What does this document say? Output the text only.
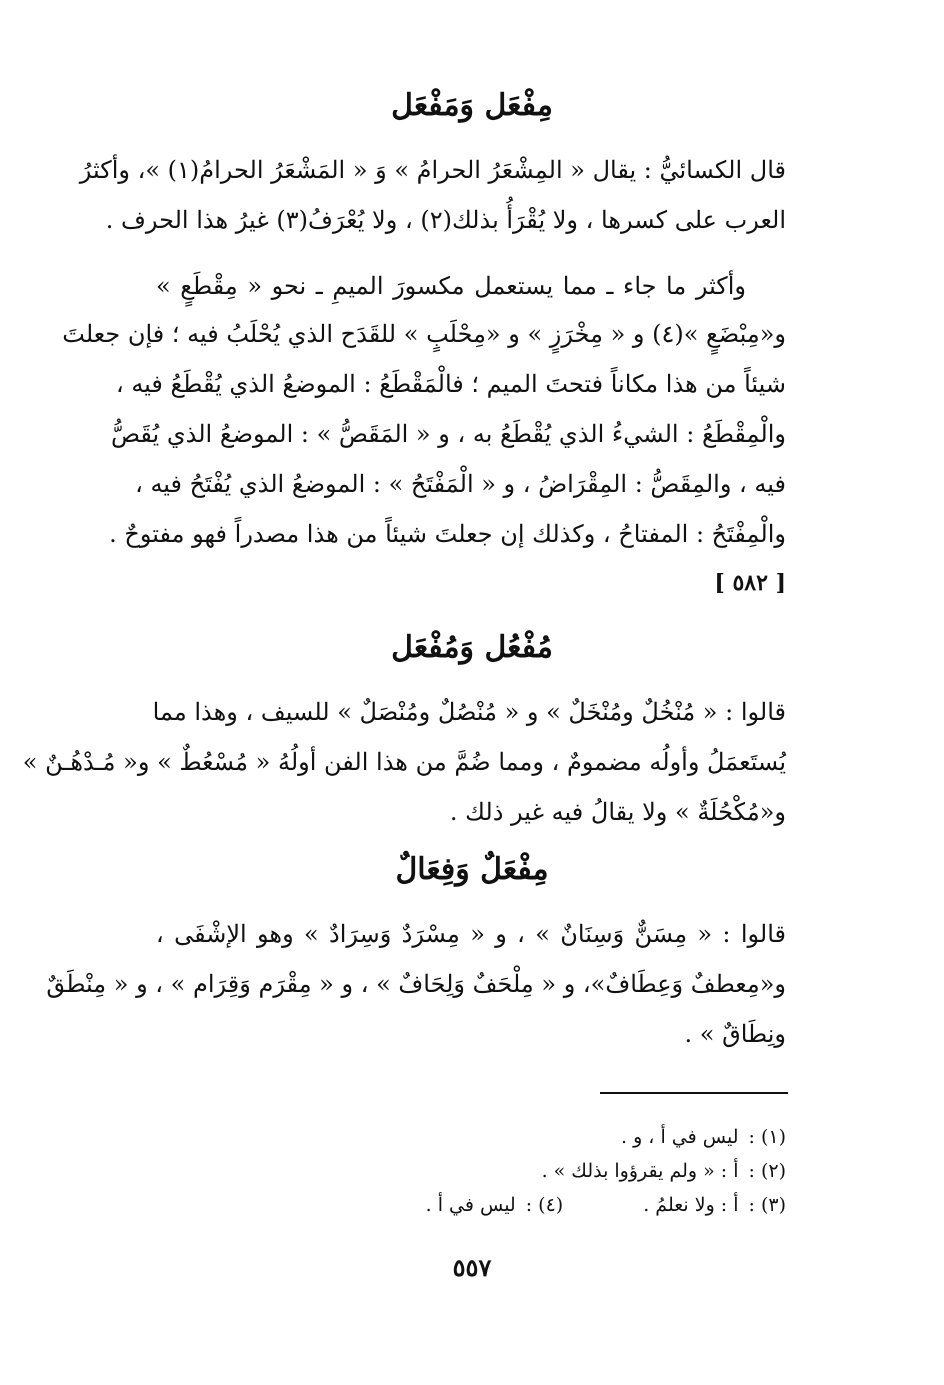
مِفْعَل وَمَفْعَل
قال الكسائيُّ : يقال « المِشْعَرُ الحرامُ » وَ « المَشْعَرُ الحرامُ(١) »، وأكثرُ
العرب على كسرها ، ولا يُقْرَأُ بذلك(٢) ، ولا يُعْرَفُ(٣) غيرُ هذا الحرف .
وأكثر ما جاء ـ مما يستعمل مكسورَ الميمِ ـ نحو « مِقْطَعٍ »
و«مِبْضَعٍ »(٤) و « مِخْرَزٍ » و «مِحْلَبٍ » للقَدَح الذي يُحْلَبُ فيه ؛ فإن جعلتَ
شيئاً من هذا مكاناً فتحتَ الميم ؛ فالْمَقْطَعُ : الموضعُ الذي يُقْطَعُ فيه ،
والْمِقْطَعُ : الشيءُ الذي يُقْطَعُ به ، و « المَقَصُّ » : الموضعُ الذي يُقَصُّ
فيه ، والمِقَصُّ : المِقْرَاضُ ، و « الْمَفْتَحُ » : الموضعُ الذي يُفْتَحُ فيه ،
والْمِفْتَحُ : المفتاحُ ، وكذلك إن جعلتَ شيئاً من هذا مصدراً فهو مفتوحٌ .
[ ٥٨٢ ]
مُفْعُل وَمُفْعَل
قالوا : « مُنْخُلٌ ومُنْخَلٌ » و « مُنْصُلٌ ومُنْصَلٌ » للسيف ، وهذا مما
يُستَعمَلُ وأولُه مضمومٌ ، ومما ضُمَّ من هذا الفن أولُهُ « مُسْعُطٌ » و« مُـدْهُـنٌ »
و«مُكْحُلَةٌ » ولا يقالُ فيه غير ذلك .
مِفْعَلٌ وَفِعَالٌ
قالوا : « مِسَنٌّ وَسِنَانٌ » ، و « مِسْرَدٌ وَسِرَادٌ » وهو الإشْفَى ،
و«مِعطفٌ وَعِطَافٌ»، و « مِلْحَفٌ وَلِحَافٌ » ، و « مِقْرَم وَقِرَام » ، و « مِنْطَقٌ
ونِطَاقٌ » .
(١) :ليس في أ ، و .
(٢) :أ : « ولم يقرؤوا بذلك » .
(٣) :أ : ولا نعلمُ .(٤) :ليس في أ .
٥٥٧
